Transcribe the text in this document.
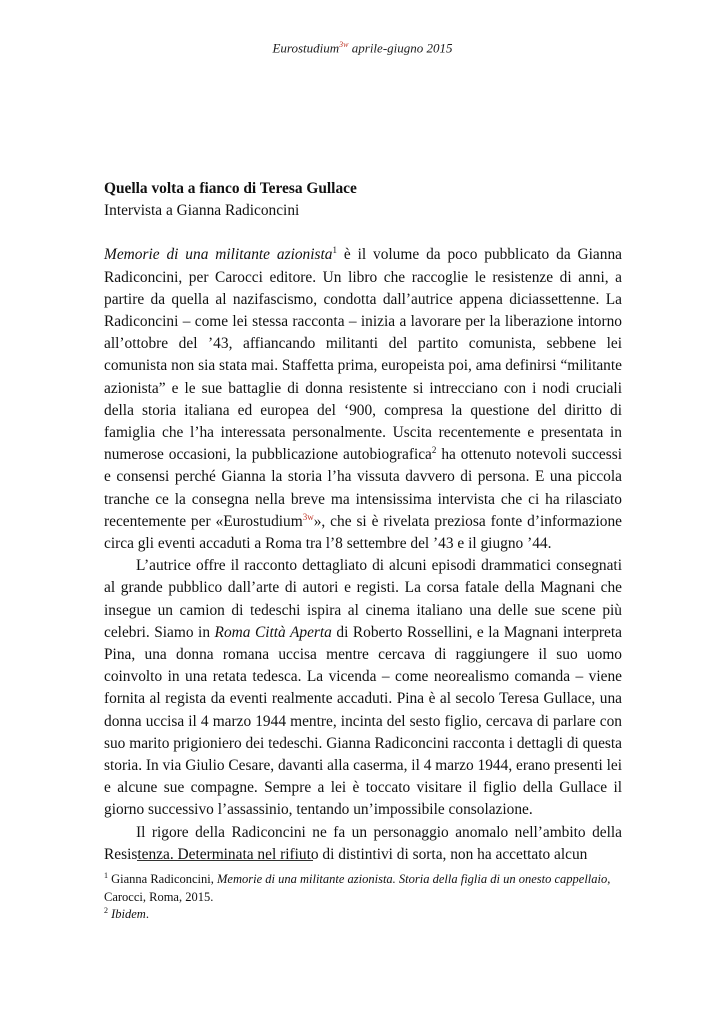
Eurostudium$^{3w}$ aprile-giugno 2015

Quella volta a fianco di Teresa Gullace

Intervista a Gianna Radiconcini

Memorie di una militante azionista$^1$ è il volume da poco pubblicato da Gianna Radiconcini, per Carocci editore. Un libro che raccoglie le resistenze di anni, a partire da quella al nazifascismo, condotta dall’autrice appena diciassettenne. La Radiconcini – come lei stessa racconta – inizia a lavorare per la liberazione intorno all’ottobre del ’43, affiancando militanti del partito comunista, sebbene lei comunista non sia stata mai. Staffetta prima, europeista poi, ama definirsi “militante azionista” e le sue battaglie di donna resistente si intrecciano con i nodi cruciali della storia italiana ed europea del ‘900, compresa la questione del diritto di famiglia che l’ha interessata personalmente. Uscita recentemente e presentata in numerose occasioni, la pubblicazione autobiografica$^2$ ha ottenuto notevoli successi e consensi perché Gianna la storia l’ha vissuta davvero di persona. E una piccola tranche ce la consegna nella breve ma intensissima intervista che ci ha rilasciato recentemente per «Eurostudium$^{3w}$», che si è rivelata preziosa fonte d’informazione circa gli eventi accaduti a Roma tra l’8 settembre del ’43 e il giugno ’44.

L’autrice offre il racconto dettagliato di alcuni episodi drammatici consegnati al grande pubblico dall’arte di autori e registi. La corsa fatale della Magnani che insegue un camion di tedeschi ispira al cinema italiano una delle sue scene più celebri. Siamo in Roma Città Aperta di Roberto Rossellini, e la Magnani interpreta Pina, una donna romana uccisa mentre cercava di raggiungere il suo uomo coinvolto in una retata tedesca. La vicenda – come neorealismo comanda – viene fornita al regista da eventi realmente accaduti. Pina è al secolo Teresa Gullace, una donna uccisa il 4 marzo 1944 mentre, incinta del sesto figlio, cercava di parlare con suo marito prigioniero dei tedeschi. Gianna Radiconcini racconta i dettagli di questa storia. In via Giulio Cesare, davanti alla caserma, il 4 marzo 1944, erano presenti lei e alcune sue compagne. Sempre a lei è toccato visitare il figlio della Gullace il giorno successivo l’assassinio, tentando un’impossibile consolazione.

Il rigore della Radiconcini ne fa un personaggio anomalo nell’ambito della Resistenza. Determinata nel rifiuto di distintivi di sorta, non ha accettato alcun

$^1$ Gianna Radiconcini, Memorie di una militante azionista. Storia della figlia di un onesto cappellaio, Carocci, Roma, 2015.

$^2$ Ibidem.
